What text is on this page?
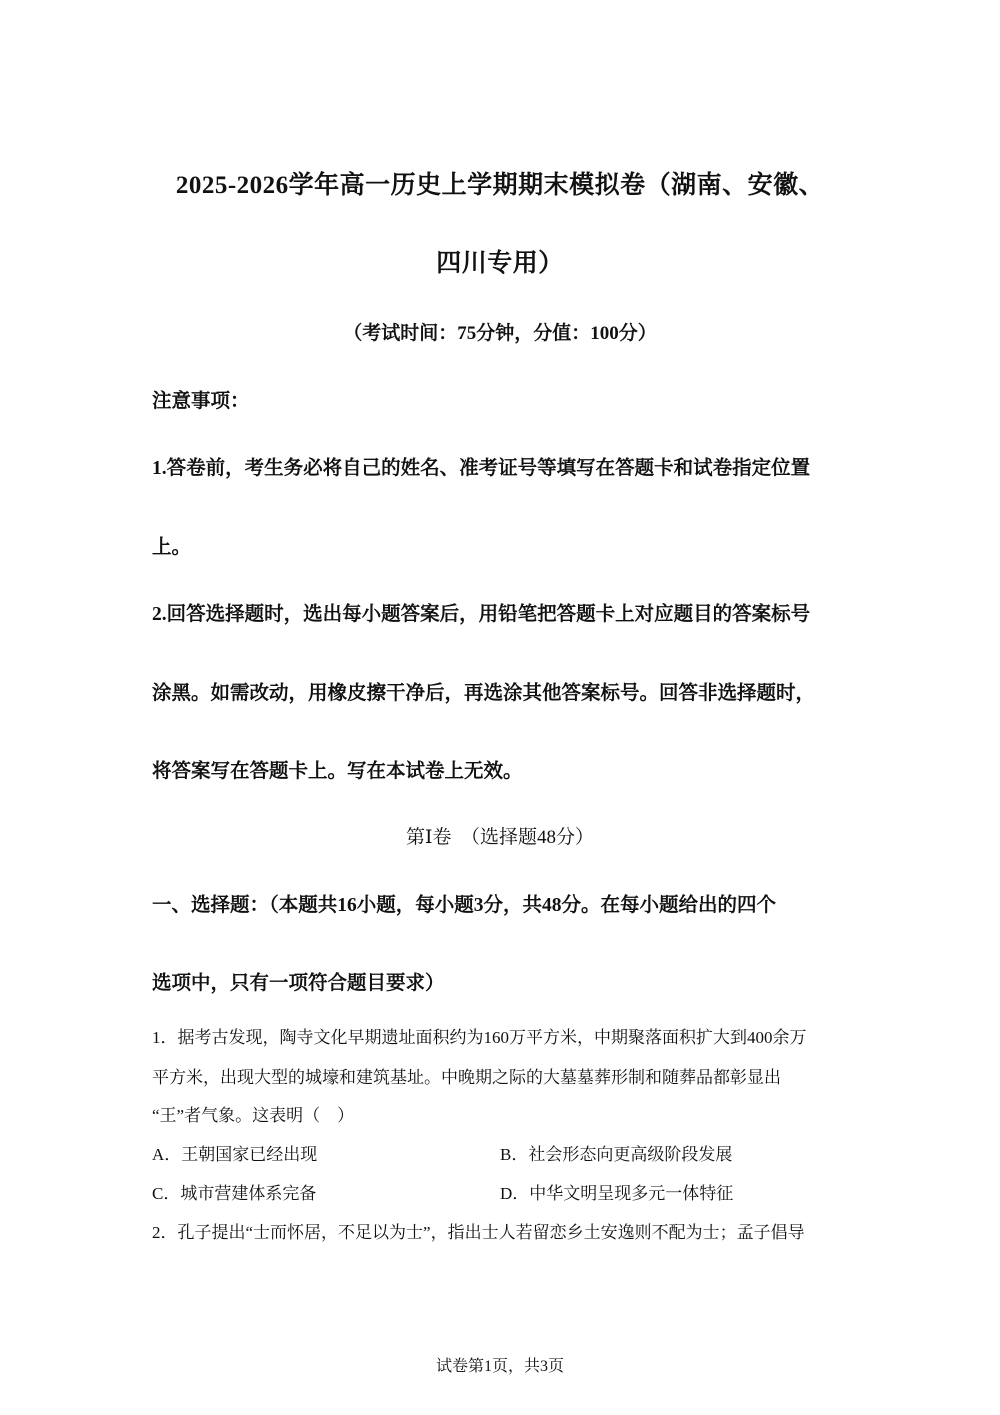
2025-2026学年高一历史上学期期末模拟卷（湖南、安徽、
四川专用）
（考试时间：75分钟，分值：100分）
注意事项：
1.答卷前，考生务必将自己的姓名、准考证号等填写在答题卡和试卷指定位置
上。
2.回答选择题时，选出每小题答案后，用铅笔把答题卡上对应题目的答案标号
涂黑。如需改动，用橡皮擦干净后，再选涂其他答案标号。回答非选择题时，
将答案写在答题卡上。写在本试卷上无效。
第Ⅰ卷　（选择题48分）
一、选择题：（本题共16小题，每小题3分，共48分。在每小题给出的四个
选项中，只有一项符合题目要求）
1．据考古发现，陶寺文化早期遗址面积约为160万平方米，中期聚落面积扩大到400余万
平方米，出现大型的城壕和建筑基址。中晚期之际的大墓墓葬形制和随葬品都彰显出
“王”者气象。这表明（　）
A．王朝国家已经出现	B．社会形态向更高级阶段发展
C．城市营建体系完备	D．中华文明呈现多元一体特征
2．孔子提出“士而怀居，不足以为士”，指出士人若留恋乡土安逸则不配为士；孟子倡导
试卷第1页，共3页
